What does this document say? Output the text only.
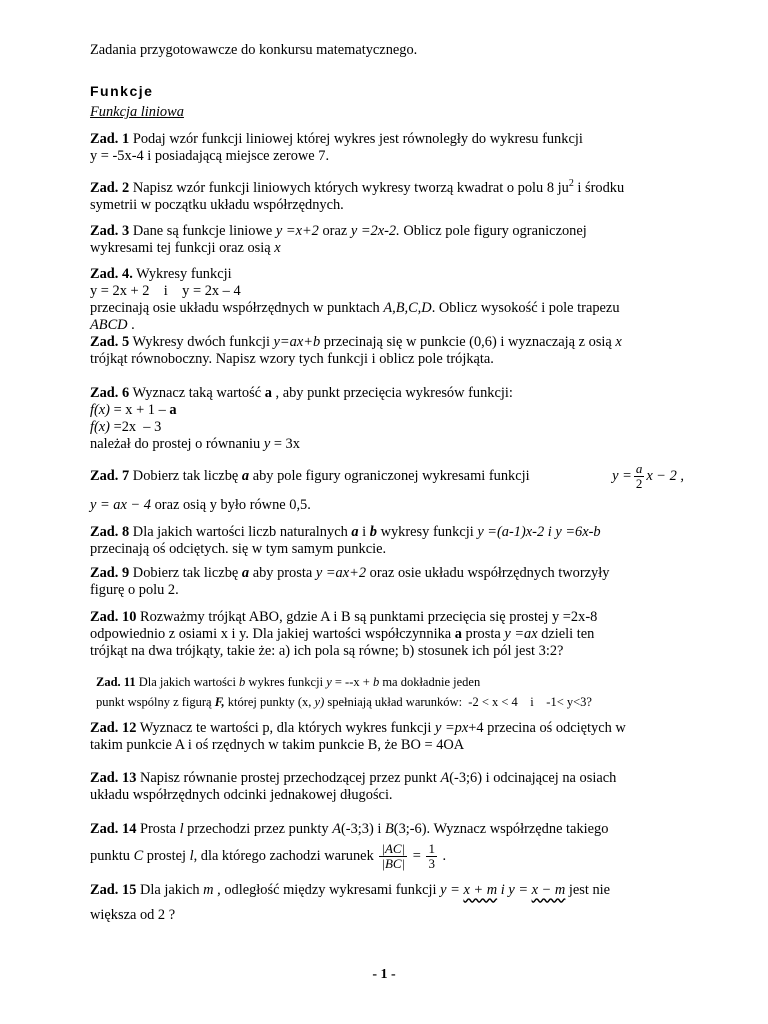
Zadania przygotowawcze do konkursu matematycznego.
Funkcje
Funkcja liniowa
Zad. 1 Podaj wzór funkcji liniowej której wykres jest równoległy do wykresu funkcji
y = -5x-4 i posiadającą miejsce zerowe 7.
Zad. 2 Napisz wzór funkcji liniowych których wykresy tworzą kwadrat o polu 8 $ju^2$ i środku
symetrii w początku układu współrzędnych.
Zad. 3 Dane są funkcje liniowe y =x+2 oraz y =2x-2. Oblicz pole figury ograniczonej
wykresami tej funkcji oraz osią x
Zad. 4. Wykresy funkcji
y = 2x + 2    i    y = 2x – 4
przecinają osie układu współrzędnych w punktach A,B,C,D. Oblicz wysokość i pole trapezu
ABCD .
Zad. 5 Wykresy dwóch funkcji y=ax+b przecinają się w punkcie (0,6) i wyznaczają z osią x
trójkąt równoboczny. Napisz wzory tych funkcji i oblicz pole trójkąta.
Zad. 6 Wyznacz taką wartość a , aby punkt przecięcia wykresów funkcji:
f(x) = x + 1 – a
f(x) =2x  – 3
należał do prostej o równaniu y = 3x
Zad. 7 Dobierz tak liczbę a aby pole figury ograniczonej wykresami funkcji	$y = \frac{a}{2}$ x − 2 ,
y = ax − 4 oraz osią y było równe 0,5.
Zad. 8 Dla jakich wartości liczb naturalnych a i b wykresy funkcji y =(a-1)x-2 i y =6x-b
przecinają oś odciętych. się w tym samym punkcie.
Zad. 9 Dobierz tak liczbę a aby prosta y =ax+2 oraz osie układu współrzędnych tworzyły
figurę o polu 2.
Zad. 10 Rozważmy trójkąt ABO, gdzie A i B są punktami przecięcia się prostej y =2x-8
odpowiednio z osiami x i y. Dla jakiej wartości współczynnika a prosta y =ax dzieli ten
trójkąt na dwa trójkąty, takie że: a) ich pola są równe; b) stosunek ich pól jest 3:2?
Zad. 11 Dla jakich wartości b wykres funkcji y = --x + b ma dokładnie jeden
punkt wspólny z figurą F, której punkty (x, y) spełniają układ warunków:  -2 < x < 4    i    -1< y<3?
Zad. 12 Wyznacz te wartości p, dla których wykres funkcji y =px+4 przecina oś odciętych w
takim punkcie A i oś rzędnych w takim punkcie B, że BO = 4OA
Zad. 13 Napisz równanie prostej przechodzącej przez punkt A(-3;6) i odcinającej na osiach
układu współrzędnych odcinki jednakowej długości.
Zad. 14 Prosta l przechodzi przez punkty A(-3;3) i B(3;-6). Wyznacz współrzędne takiego
punktu C prostej l, dla którego zachodzi warunek $\frac{|AC|}{|BC|} = \frac{1}{3}$ .
Zad. 15 Dla jakich m , odległość między wykresami funkcji y = x + m i y = x − m jest nie
większa od 2 ?
- 1 -
